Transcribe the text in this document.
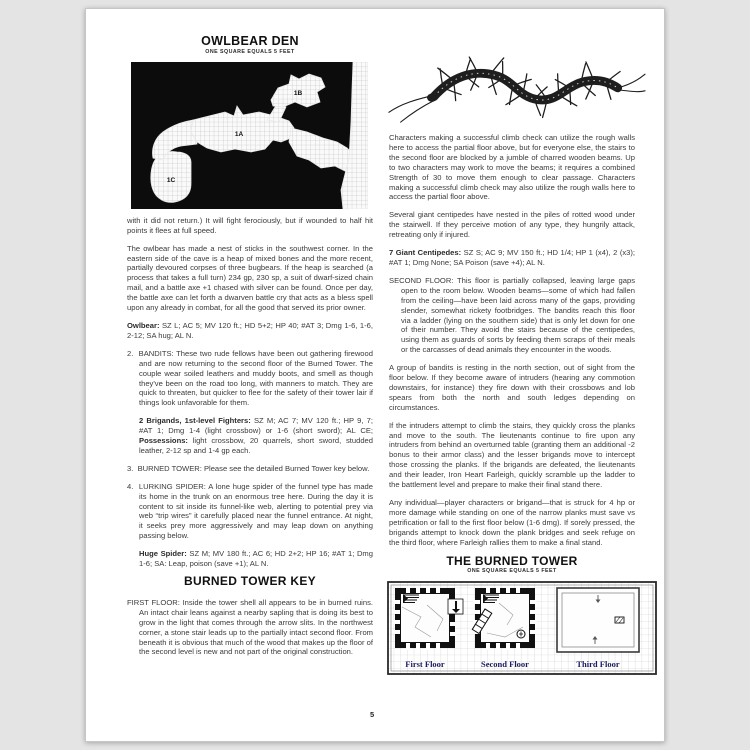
OWLBEAR DEN
ONE SQUARE EQUALS 5 FEET
1B
1A
1C

with it did not return.) It will fight ferociously, but if wounded to half hit points it flees at full speed.

The owlbear has made a nest of sticks in the southwest corner. In the eastern side of the cave is a heap of mixed bones and the more recent, partially devoured corpses of three bugbears. If the heap is searched (a process that takes a full turn) 234 gp, 230 sp, a suit of dwarf-sized chain mail, and a battle axe +1 chased with silver can be found. Once per day, the battle axe can let forth a dwarven battle cry that acts as a bless spell upon any already in combat, for all the good that served its prior owner.

Owlbear: SZ L; AC 5; MV 120 ft.; HD 5+2; HP 40; #AT 3; Dmg 1-6, 1-6, 2-12; SA hug; AL N.

2. BANDITS: These two rude fellows have been out gathering firewood and are now returning to the second floor of the Burned Tower. The couple wear soiled leathers and muddy boots, and smell as though they've been on the road too long, with manners to match. They are quick to threaten, but quicker to flee for the safety of their tower lair if things look unfavorable for them.

2 Brigands, 1st-level Fighters: SZ M; AC 7; MV 120 ft.; HP 9, 7; #AT 1; Dmg 1-4 (light crossbow) or 1-6 (short sword); AL CE; Possessions: light crossbow, 20 quarrels, short sword, studded leather, 2-12 sp and 1-4 gp each.

3. BURNED TOWER: Please see the detailed Burned Tower key below.

4. LURKING SPIDER: A lone huge spider of the funnel type has made its home in the trunk on an enormous tree here. During the day it is content to sit inside its funnel-like web, alerting to potential prey via web “trip wires” it carefully placed near the funnel entrance. At night, it seeks prey more aggressively and may leap down on anything passing below.

Huge Spider: SZ M; MV 180 ft.; AC 6; HD 2+2; HP 16; #AT 1; Dmg 1-6; SA: Leap, poison (save +1); AL N.

BURNED TOWER KEY

FIRST FLOOR: Inside the tower shell all appears to be in burned ruins. An intact chair leans against a nearby sapling that is doing its best to grow in the light that comes through the arrow slits. In the northwest corner, a stone stair leads up to the partially intact second floor. From beneath it is obvious that much of the wood that makes up the floor of the second level is new and not part of the original construction.

Characters making a successful climb check can utilize the rough walls here to access the partial floor above, but for everyone else, the stairs to the second floor are blocked by a jumble of charred wooden beams. Up to two characters may work to move the beams; it requires a combined Strength of 30 to move them enough to clear passage. Characters making a successful climb check may also utilize the rough walls here to access the partial floor above.

Several giant centipedes have nested in the piles of rotted wood under the stairwell. If they perceive motion of any type, they hungrily attack, retreating only if injured.

7 Giant Centipedes: SZ S; AC 9; MV 150 ft.; HD 1/4; HP 1 (x4), 2 (x3); #AT 1; Dmg None; SA Poison (save +4); AL N.

SECOND FLOOR: This floor is partially collapsed, leaving large gaps open to the room below. Wooden beams—some of which had fallen from the ceiling—have been laid across many of the gaps, providing slender, somewhat rickety footbridges. The bandits reach this floor via a ladder (lying on the southern side) that is only let down for one of their number. They avoid the stairs because of the centipedes, using them as guards of sorts by feeding them scraps of their meals or the carcasses of dead animals they encounter in the woods.

A group of bandits is resting in the north section, out of sight from the floor below. If they become aware of intruders (hearing any commotion downstairs, for instance) they fire down with their crossbows and lob spears from both the north and south ledges depending on circumstances.

If the intruders attempt to climb the stairs, they quickly cross the planks and move to the south. The lieutenants continue to fire upon any intruders from behind an overturned table (granting them an additional -2 bonus to their armor class) and the lesser brigands move to intercept those crossing the planks. If the brigands are defeated, the lieutenants and their leader, Iron Heart Farleigh, quickly scramble up the ladder to the battlement level and prepare to make their final stand there.

Any individual—player characters or brigand—that is struck for 4 hp or more damage while standing on one of the narrow planks must save vs petrification or fall to the first floor below (1-6 dmg). If sorely pressed, the brigands attempt to knock down the plank bridges and seek refuge on the third floor, where Farleigh rallies them to make a final stand.

THE BURNED TOWER
ONE SQUARE EQUALS 5 FEET
First Floor	Second Floor	Third Floor
5
